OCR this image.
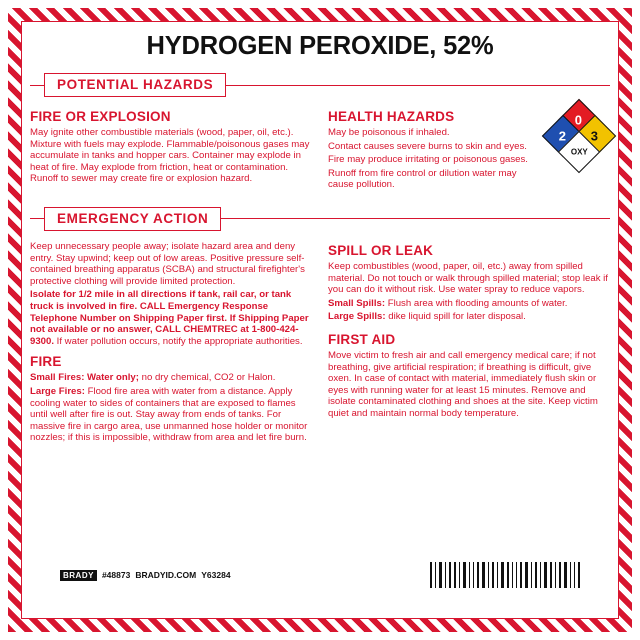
HYDROGEN PEROXIDE, 52%
POTENTIAL HAZARDS
FIRE OR EXPLOSION

May ignite other combustible materials (wood, paper, oil, etc.). Mixture with fuels may explode. Flammable/poisonous gases may accumulate in tanks and hopper cars. Container may explode in heat of fire. May explode from friction, heat or contamination. Runoff to sewer may create fire or explosion hazard.

HEALTH HAZARDS

May be poisonous if inhaled.

Contact causes severe burns to skin and eyes.

Fire may produce irritating or poisonous gases.

Runoff from fire control or dilution water may cause pollution.

0
2 3
OXY
EMERGENCY ACTION

Keep unnecessary people away; isolate hazard area and deny entry. Stay upwind; keep out of low areas. Positive pressure self-contained breathing apparatus (SCBA) and structural firefighter's protective clothing will provide limited protection.

Isolate for 1/2 mile in all directions if tank, rail car, or tank truck is involved in fire. CALL Emergency Response Telephone Number on Shipping Paper first. If Shipping Paper not available or no answer, CALL CHEMTREC at 1-800-424-9300. If water pollution occurs, notify the appropriate authorities.

FIRE

Small Fires: Water only; no dry chemical, CO2 or Halon.

Large Fires: Flood fire area with water from a distance. Apply cooling water to sides of containers that are exposed to flames until well after fire is out. Stay away from ends of tanks. For massive fire in cargo area, use unmanned hose holder or monitor nozzles; if this is impossible, withdraw from area and let fire burn.

SPILL OR LEAK

Keep combustibles (wood, paper, oil, etc.) away from spilled material. Do not touch or walk through spilled material; stop leak if you can do it without risk. Use water spray to reduce vapors.

Small Spills: Flush area with flooding amounts of water.

Large Spills: dike liquid spill for later disposal.

FIRST AID

Move victim to fresh air and call emergency medical care; if not breathing, give artificial respiration; if breathing is difficult, give oxen. In case of contact with material, immediately flush skin or eyes with running water for at least 15 minutes. Remove and isolate contaminated clothing and shoes at the site. Keep victim quiet and maintain normal body temperature.

BRADY #48873 BRADYID.COM Y63284
